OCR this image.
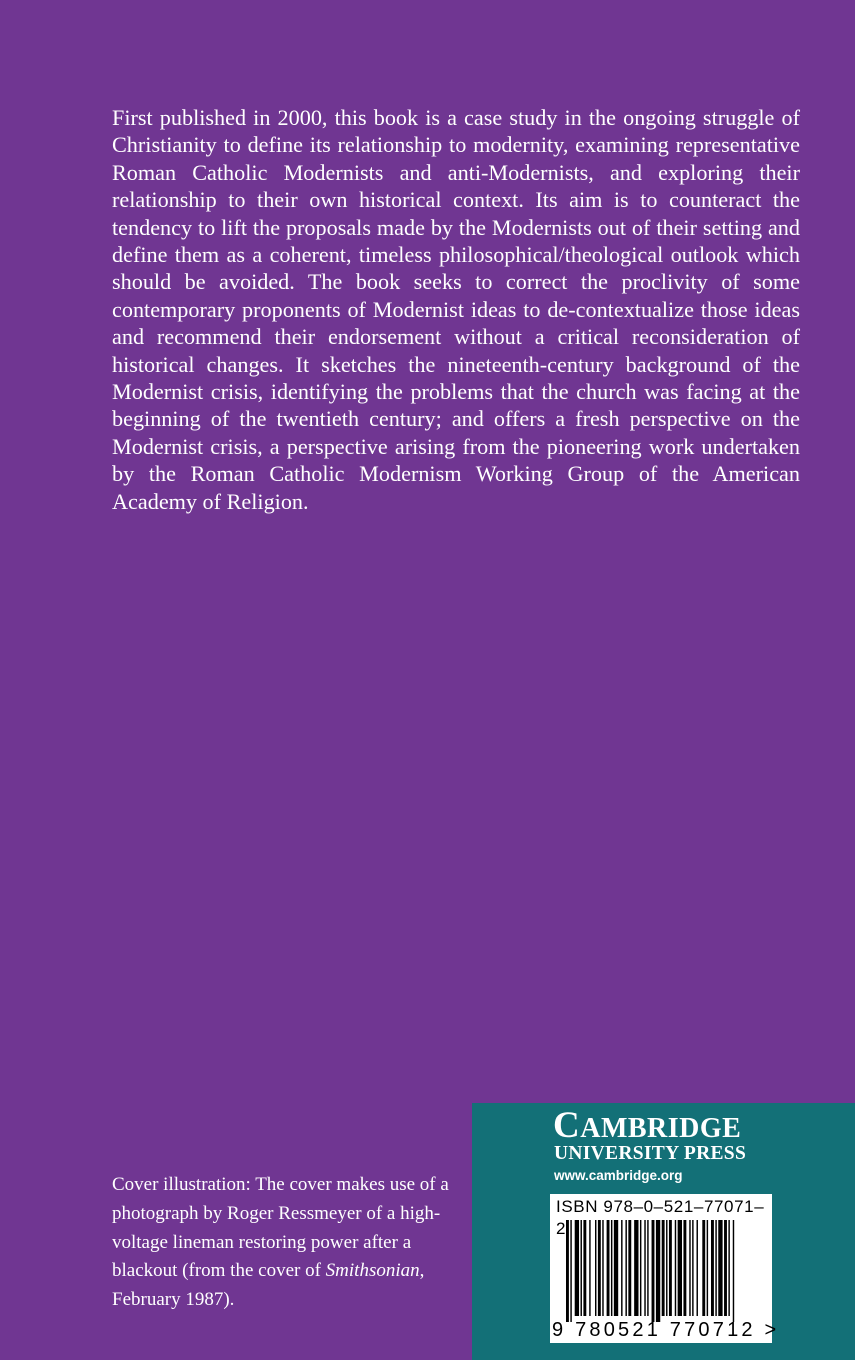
First published in 2000, this book is a case study in the ongoing struggle of Christianity to define its relationship to modernity, examining representative Roman Catholic Modernists and anti-Modernists, and exploring their relationship to their own historical context. Its aim is to counteract the tendency to lift the proposals made by the Modernists out of their setting and define them as a coherent, timeless philosophical/theological outlook which should be avoided. The book seeks to correct the proclivity of some contemporary proponents of Modernist ideas to de-contextualize those ideas and recommend their endorsement without a critical reconsideration of historical changes. It sketches the nineteenth-century background of the Modernist crisis, identifying the problems that the church was facing at the beginning of the twentieth century; and offers a fresh perspective on the Modernist crisis, a perspective arising from the pioneering work undertaken by the Roman Catholic Modernism Working Group of the American Academy of Religion.

Cover illustration: The cover makes use of a photograph by Roger Ressmeyer of a high-voltage lineman restoring power after a blackout (from the cover of Smithsonian, February 1987).

CAMBRIDGE

UNIVERSITY PRESS

www.cambridge.org

ISBN 978–0–521–77071–2

9 780521 770712 >
